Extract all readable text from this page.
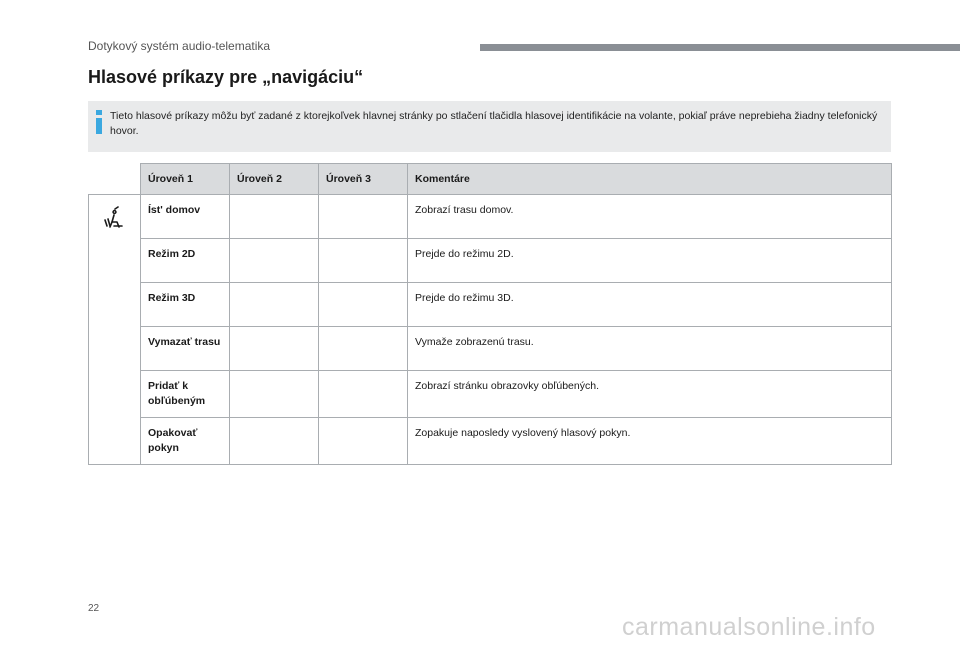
Dotykový systém audio-telematika
Hlasové príkazy pre „navigáciu“
Tieto hlasové príkazy môžu byť zadané z ktorejkoľvek hlavnej stránky po stlačení tlačidla hlasovej identifikácie na volante, pokiaľ práve neprebieha žiadny telefonický hovor.
	Úroveň 1	Úroveň 2	Úroveň 3	Komentáre
	Íst' domov			Zobrazí trasu domov.
	Režim 2D			Prejde do režimu 2D.
	Režim 3D			Prejde do režimu 3D.
	Vymazať trasu			Vymaže zobrazenú trasu.
	Pridať k obľúbeným			Zobrazí stránku obrazovky obľúbených.
	Opakovať pokyn			Zopakuje naposledy vyslovený hlasový pokyn.
22
carmanualsonline.info
